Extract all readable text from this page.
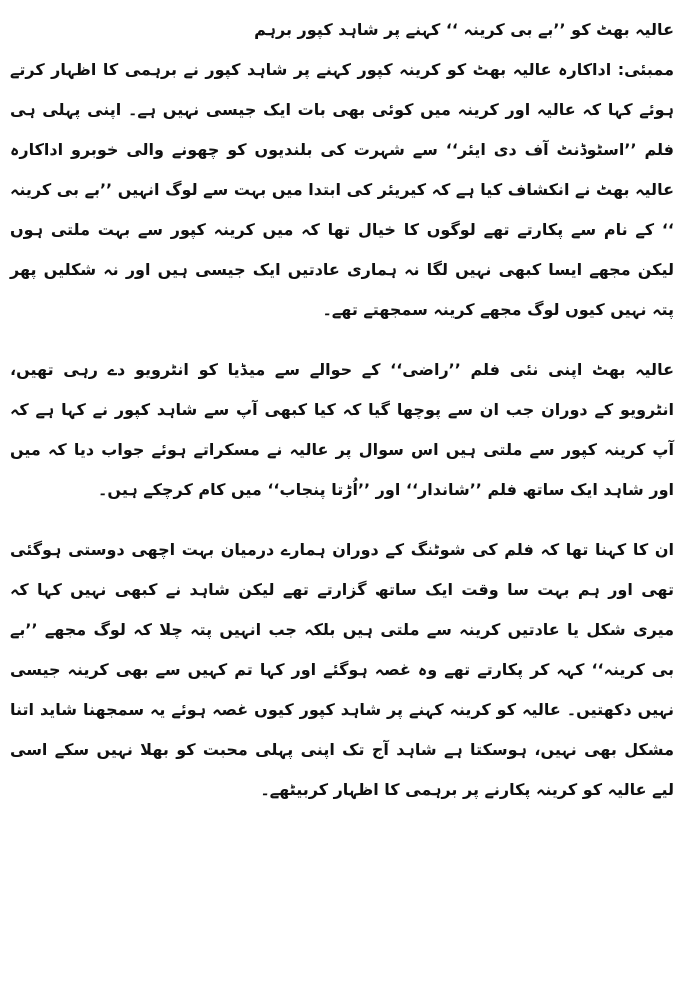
عالیہ بھٹ کو ’’بے بی کرینہ ‘‘ کہنے پر شاہد کپور برہم

ممبئی: اداکارہ عالیہ بھٹ کو کرینہ کپور کہنے پر شاہد کپور نے برہمی کا اظہار کرتے ہوئے کہا کہ عالیہ اور کرینہ میں کوئی بھی بات ایک جیسی نہیں ہے۔ اپنی پہلی ہی فلم ’’اسٹوڈنٹ آف دی ایئر‘‘ سے شہرت کی بلندیوں کو چھونے والی خوبرو اداکارہ عالیہ بھٹ نے انکشاف کیا ہے کہ کیریئر کی ابتدا میں بہت سے لوگ انہیں ’’بے بی کرینہ ‘‘ کے نام سے پکارتے تھے لوگوں کا خیال تھا کہ میں کرینہ کپور سے بہت ملتی ہوں لیکن مجھے ایسا کبھی نہیں لگا نہ ہماری عادتیں ایک جیسی ہیں اور نہ شکلیں پھر پتہ نہیں کیوں لوگ مجھے کرینہ سمجھتے تھے۔

عالیہ بھٹ اپنی نئی فلم ’’راضی‘‘ کے حوالے سے میڈیا کو انٹرویو دے رہی تھیں، انٹرویو کے دوران جب ان سے پوچھا گیا کہ کیا کبھی آپ سے شاہد کپور نے کہا ہے کہ آپ کرینہ کپور سے ملتی ہیں اس سوال پر عالیہ نے مسکراتے ہوئے جواب دیا کہ میں اور شاہد ایک ساتھ فلم ’’شاندار‘‘ اور ’’اُڑتا پنجاب‘‘ میں کام کرچکے ہیں۔

ان کا کہنا تھا کہ فلم کی شوٹنگ کے دوران ہمارے درمیان بہت اچھی دوستی ہوگئی تھی اور ہم بہت سا وقت ایک ساتھ گزارتے تھے لیکن شاہد نے کبھی نہیں کہا کہ میری شکل یا عادتیں کرینہ سے ملتی ہیں بلکہ جب انہیں پتہ چلا کہ لوگ مجھے ’’بے بی کرینہ‘‘ کہہ کر پکارتے تھے وہ غصہ ہوگئے اور کہا تم کہیں سے بھی کرینہ جیسی نہیں دکھتیں۔ عالیہ کو کرینہ کہنے پر شاہد کپور کیوں غصہ ہوئے یہ سمجھنا شاید اتنا مشکل بھی نہیں، ہوسکتا ہے شاہد آج تک اپنی پہلی محبت کو بھلا نہیں سکے اسی لیے عالیہ کو کرینہ پکارنے پر برہمی کا اظہار کربیٹھے۔
